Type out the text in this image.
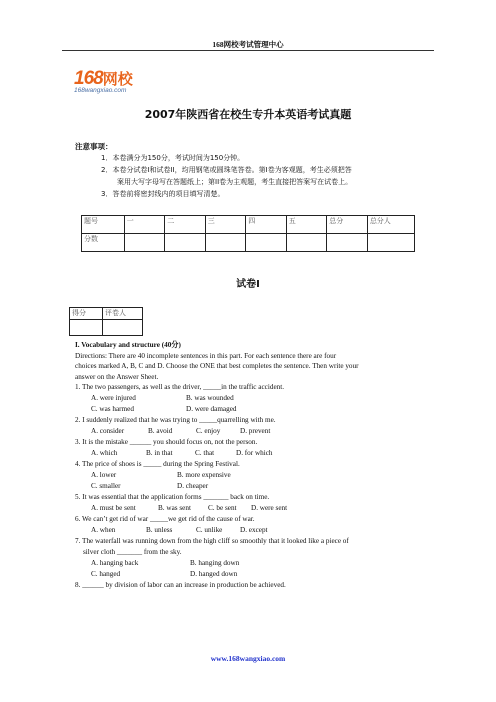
168网校考试管理中心
168网校
168wangxiao.com
2007年陕西省在校生专升本英语考试真题
注意事项：
1．本卷满分为150分，考试时间为150分钟。
2．本卷分试卷I和试卷II，均用钢笔或圆珠笔答卷。第I卷为客观题，考生必须把答
案用大写字母写在答题纸上；第II卷为主观题，考生直接把答案写在试卷上。
3．答卷前将密封线内的项目填写清楚。
题号	一	二	三	四	五	总分	总分人
分数							
试卷I
得分	评卷人

I. Vocabulary and structure (40分)
Directions: There are 40 incomplete sentences in this part. For each sentence there are four
choices marked A, B, C and D. Choose the ONE that best completes the sentence. Then write your
answer on the Answer Sheet.
1. The two passengers, as well as the driver, _____in the traffic accident.
A. were injured	B. was wounded
C. was harmed	D. were damaged
2. I suddenly realized that he was trying to _____quarrelling with me.
A. consider	B. avoid	C. enjoy	D. prevent
3. It is the mistake ______ you should focus on, not the person.
A. which	B. in that	C. that	D. for which
4. The price of shoes is _____ during the Spring Festival.
A. lower	B. more expensive
C. smaller	D. cheaper
5. It was essential that the application forms _______ back on time.
A. must be sent	B. was sent C. be sent D. were sent
6. We can’t get rid of war _____we get rid of the cause of war.
A. when	B. unless	C. unlike D. except
7. The waterfall was running down from the high cliff so smoothly that it looked like a piece of
silver cloth _______ from the sky.
A. hanging back	B. hanging down
C. hanged	D. hanged down
8. ______ by division of labor can an increase in production be achieved.
www.168wangxiao.com
